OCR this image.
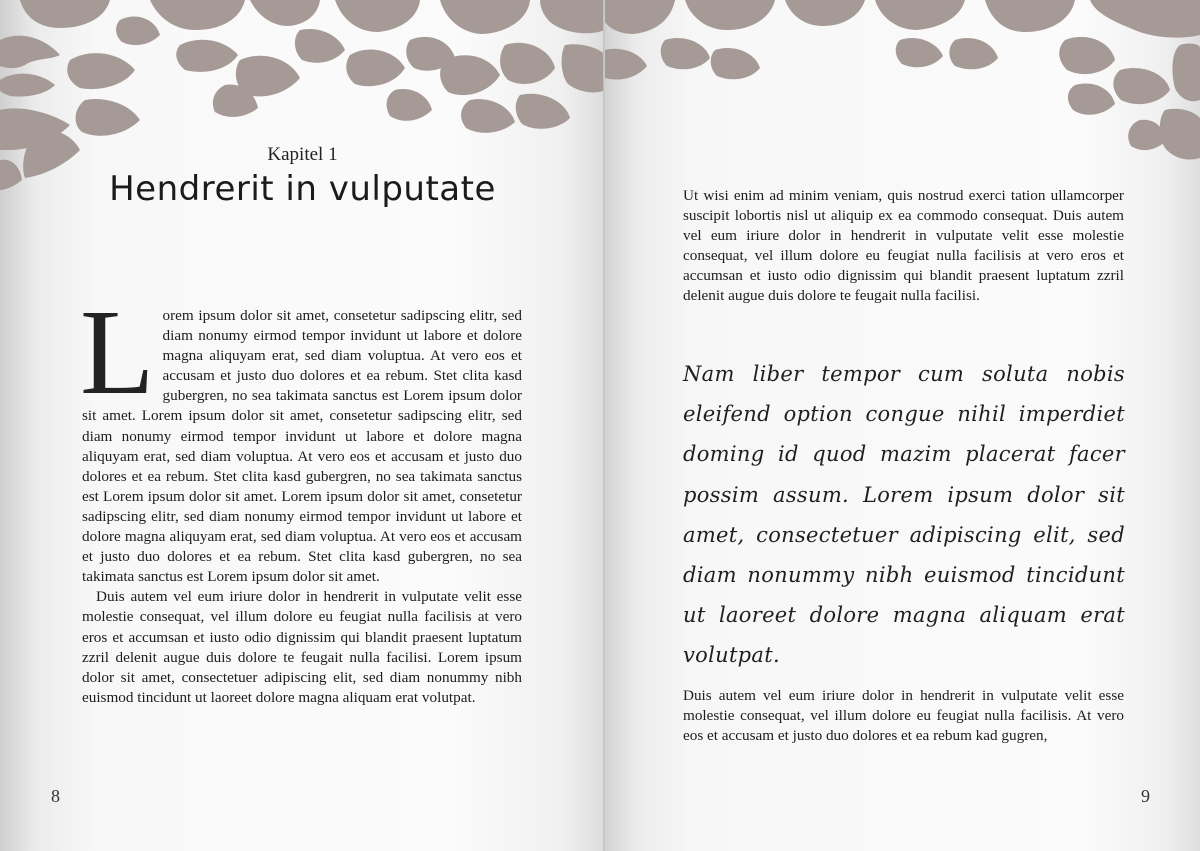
Kapitel 1
Hendrerit in vulputate

Lorem ipsum dolor sit amet, consetetur sadipscing elitr, sed diam nonumy eirmod tempor invidunt ut labore et dolore magna aliquyam erat, sed diam voluptua. At vero eos et accusam et justo duo dolores et ea rebum. Stet clita kasd gubergren, no sea takimata sanctus est Lorem ipsum dolor sit amet. Lorem ipsum dolor sit amet, consetetur sadipscing elitr, sed diam nonumy eirmod tempor invidunt ut labore et dolore magna aliquyam erat, sed diam voluptua. At vero eos et accusam et justo duo dolores et ea rebum. Stet clita kasd gubergren, no sea takimata sanctus est Lorem ipsum dolor sit amet. Lorem ipsum dolor sit amet, consetetur sadipscing elitr, sed diam nonumy eirmod tempor invidunt ut labore et dolore magna aliquyam erat, sed diam voluptua. At vero eos et accusam et justo duo dolores et ea rebum. Stet clita kasd gubergren, no sea takimata sanctus est Lorem ipsum dolor sit amet.

Duis autem vel eum iriure dolor in hendrerit in vulputate velit esse molestie consequat, vel illum dolore eu feugiat nulla facilisis at vero eros et accumsan et iusto odio dignissim qui blandit praesent luptatum zzril delenit augue duis dolore te feugait nulla facilisi. Lorem ipsum dolor sit amet, consectetuer adipiscing elit, sed diam nonummy nibh euismod tincidunt ut laoreet dolore magna aliquam erat volutpat.

8

Ut wisi enim ad minim veniam, quis nostrud exerci tation ullamcorper suscipit lobortis nisl ut aliquip ex ea commodo consequat. Duis autem vel eum iriure dolor in hendrerit in vulputate velit esse molestie consequat, vel illum dolore eu feugiat nulla facilisis at vero eros et accumsan et iusto odio dignissim qui blandit praesent luptatum zzril delenit augue duis dolore te feugait nulla facilisi.

Nam liber tempor cum soluta nobis eleifend option congue nihil imperdiet doming id quod mazim placerat facer possim assum. Lorem ipsum dolor sit amet, consectetuer adipiscing elit, sed diam nonummy nibh euismod tincidunt ut laoreet dolore magna aliquam erat volutpat.

Duis autem vel eum iriure dolor in hendrerit in vulputate velit esse molestie consequat, vel illum dolore eu feugiat nulla facilisis. At vero eos et accusam et justo duo dolores et ea rebum kad gugren,

9
